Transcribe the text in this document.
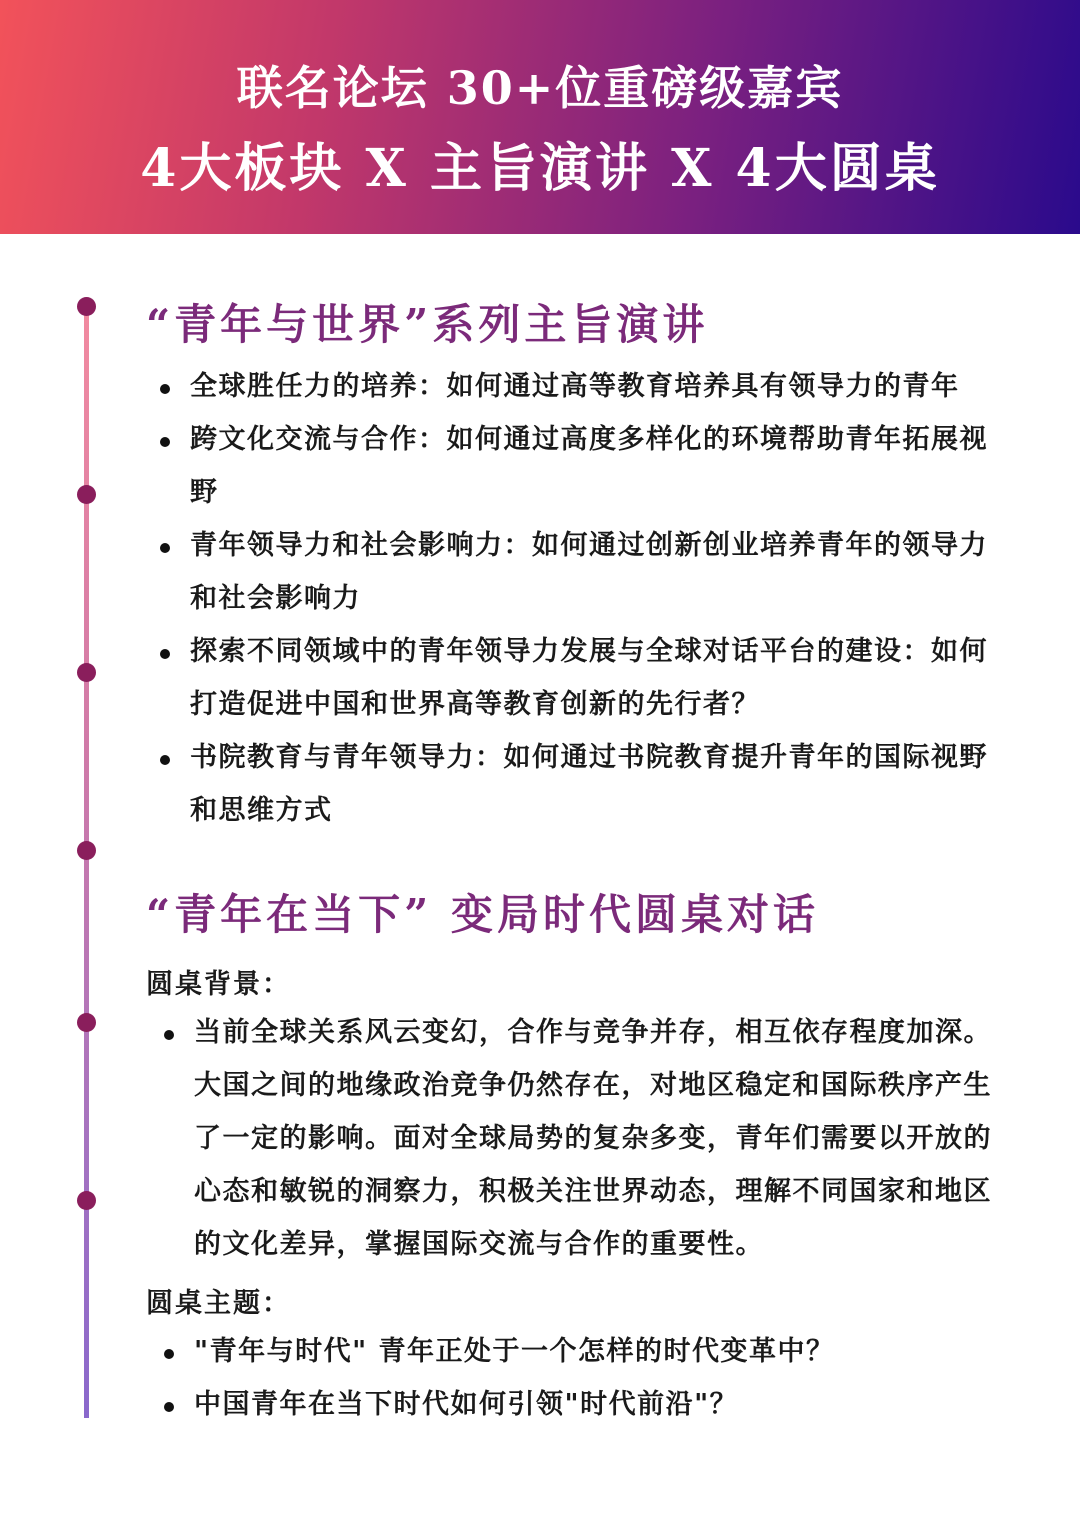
联名论坛 30+位重磅级嘉宾
4大板块 X 主旨演讲 X 4大圆桌
“青年与世界”系列主旨演讲
全球胜任力的培养：如何通过高等教育培养具有领导力的青年
跨文化交流与合作：如何通过高度多样化的环境帮助青年拓展视野
青年领导力和社会影响力：如何通过创新创业培养青年的领导力和社会影响力
探索不同领域中的青年领导力发展与全球对话平台的建设：如何打造促进中国和世界高等教育创新的先行者？
书院教育与青年领导力：如何通过书院教育提升青年的国际视野和思维方式
“青年在当下” 变局时代圆桌对话
圆桌背景：
当前全球关系风云变幻，合作与竞争并存，相互依存程度加深。大国之间的地缘政治竞争仍然存在，对地区稳定和国际秩序产生了一定的影响。面对全球局势的复杂多变，青年们需要以开放的心态和敏锐的洞察力，积极关注世界动态，理解不同国家和地区的文化差异，掌握国际交流与合作的重要性。
圆桌主题：
"青年与时代" 青年正处于一个怎样的时代变革中？
中国青年在当下时代如何引领"时代前沿"？
